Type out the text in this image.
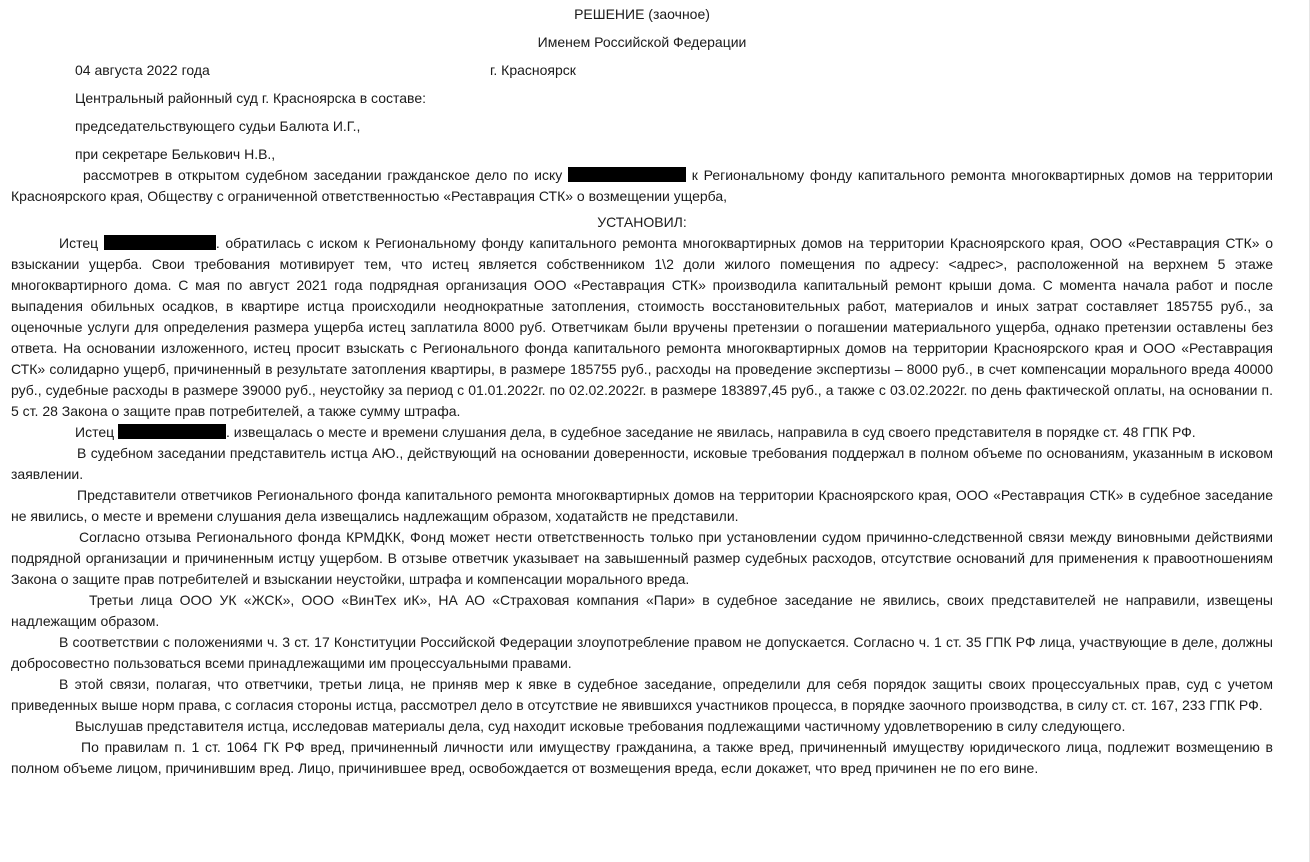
РЕШЕНИЕ (заочное)

Именем Российской Федерации

04 августа 2022 года	г. Красноярск
Центральный районный суд г. Красноярска в составе:
председательствующего судьи Балюта И.Г.,
при секретаре Белькович Н.В.,

рассмотрев в открытом судебном заседании гражданское дело по иску	к Региональному фонду капитального ремонта многоквартирных домов на территории Красноярского края, Обществу с ограниченной ответственностью «Реставрация СТК» о возмещении ущерба,

УСТАНОВИЛ:

Истец	. обратилась с иском к Региональному фонду капитального ремонта многоквартирных домов на территории Красноярского края, ООО «Реставрация СТК» о взыскании ущерба. Свои требования мотивирует тем, что истец является собственником 1\2 доли жилого помещения по адресу: <адрес>, расположенной на верхнем 5 этаже многоквартирного дома. С мая по август 2021 года подрядная организация ООО «Реставрация СТК» производила капитальный ремонт крыши дома. С момента начала работ и после выпадения обильных осадков, в квартире истца происходили неоднократные затопления, стоимость восстановительных работ, материалов и иных затрат составляет 185755 руб., за оценочные услуги для определения размера ущерба истец заплатила 8000 руб. Ответчикам были вручены претензии о погашении материального ущерба, однако претензии оставлены без ответа. На основании изложенного, истец просит взыскать с Регионального фонда капитального ремонта многоквартирных домов на территории Красноярского края и ООО «Реставрация СТК» солидарно ущерб, причиненный в результате затопления квартиры, в размере 185755 руб., расходы на проведение экспертизы – 8000 руб., в счет компенсации морального вреда 40000 руб., судебные расходы в размере 39000 руб., неустойку за период с 01.01.2022г. по 02.02.2022г. в размере 183897,45 руб., а также с 03.02.2022г. по день фактической оплаты, на основании п. 5 ст. 28 Закона о защите прав потребителей, а также сумму штрафа.

Истец	. извещалась о месте и времени слушания дела, в судебное заседание не явилась, направила в суд своего представителя в порядке ст. 48 ГПК РФ.

В судебном заседании представитель истца АЮ., действующий на основании доверенности, исковые требования поддержал в полном объеме по основаниям, указанным в исковом заявлении.

Представители ответчиков Регионального фонда капитального ремонта многоквартирных домов на территории Красноярского края, ООО «Реставрация СТК» в судебное заседание не явились, о месте и времени слушания дела извещались надлежащим образом, ходатайств не представили.

Согласно отзыва Регионального фонда КРМДКК, Фонд может нести ответственность только при установлении судом причинно-следственной связи между виновными действиями подрядной организации и причиненным истцу ущербом. В отзыве ответчик указывает на завышенный размер судебных расходов, отсутствие оснований для применения к правоотношениям Закона о защите прав потребителей и взыскании неустойки, штрафа и компенсации морального вреда.

Третьи лица ООО УК «ЖСК», ООО «ВинТех иК», НА АО «Страховая компания «Пари» в судебное заседание не явились, своих представителей не направили, извещены надлежащим образом.

В соответствии с положениями ч. 3 ст. 17 Конституции Российской Федерации злоупотребление правом не допускается. Согласно ч. 1 ст. 35 ГПК РФ лица, участвующие в деле, должны добросовестно пользоваться всеми принадлежащими им процессуальными правами.

В этой связи, полагая, что ответчики, третьи лица, не приняв мер к явке в судебное заседание, определили для себя порядок защиты своих процессуальных прав, суд с учетом приведенных выше норм права, с согласия стороны истца, рассмотрел дело в отсутствие не явившихся участников процесса, в порядке заочного производства, в силу ст. ст. 167, 233 ГПК РФ.

Выслушав представителя истца, исследовав материалы дела, суд находит исковые требования подлежащими частичному удовлетворению в силу следующего.

По правилам п. 1 ст. 1064 ГК РФ вред, причиненный личности или имуществу гражданина, а также вред, причиненный имуществу юридического лица, подлежит возмещению в полном объеме лицом, причинившим вред. Лицо, причинившее вред, освобождается от возмещения вреда, если докажет, что вред причинен не по его вине.
